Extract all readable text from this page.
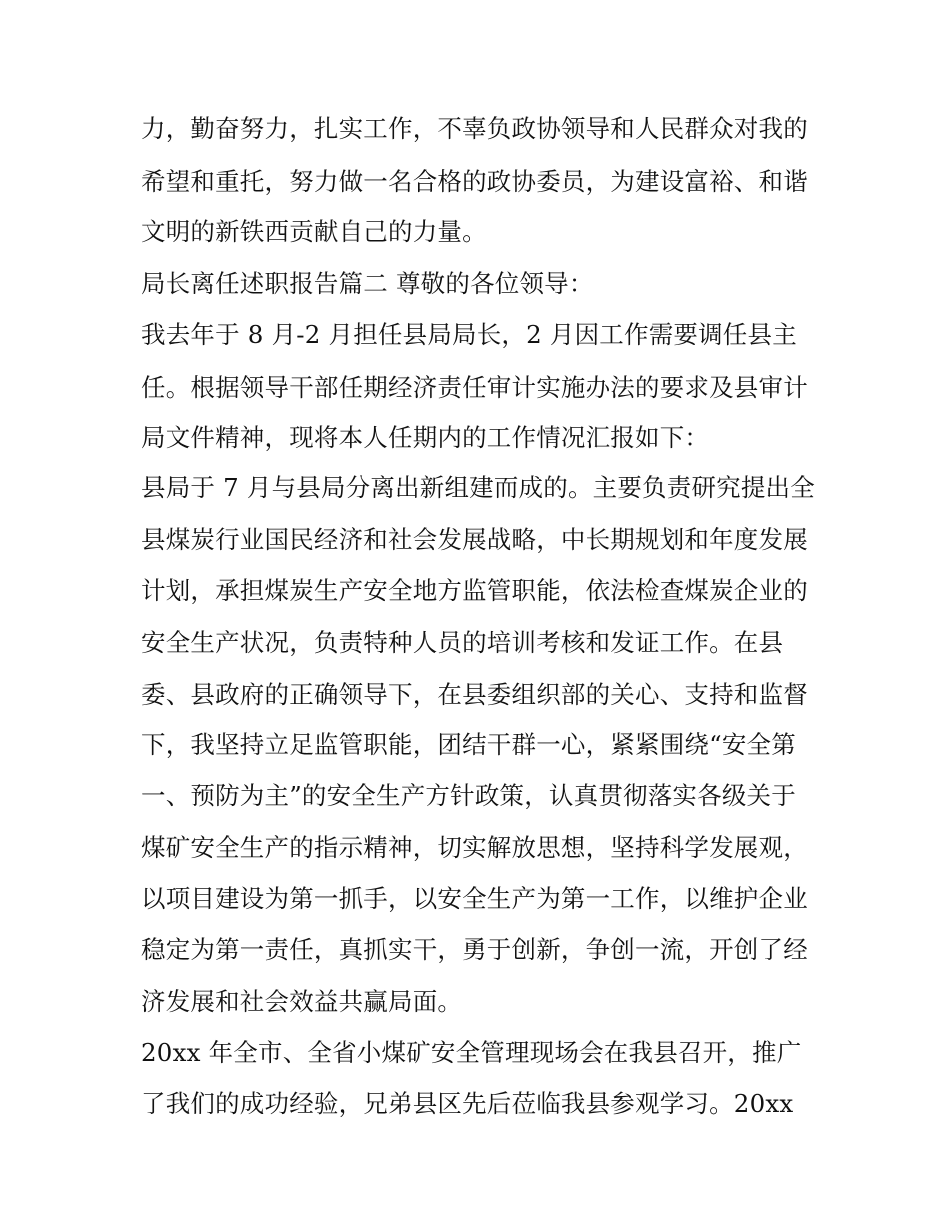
力，勤奋努力，扎实工作，不辜负政协领导和人民群众对我的
希望和重托，努力做一名合格的政协委员，为建设富裕、和谐
文明的新铁西贡献自己的力量。
局长离任述职报告篇二 尊敬的各位领导：
我去年于 8 月-2 月担任县局局长，2 月因工作需要调任县主
任。根据领导干部任期经济责任审计实施办法的要求及县审计
局文件精神，现将本人任期内的工作情况汇报如下：
县局于 7 月与县局分离出新组建而成的。主要负责研究提出全
县煤炭行业国民经济和社会发展战略，中长期规划和年度发展
计划，承担煤炭生产安全地方监管职能，依法检查煤炭企业的
安全生产状况，负责特种人员的培训考核和发证工作。在县
委、县政府的正确领导下，在县委组织部的关心、支持和监督
下，我坚持立足监管职能，团结干群一心，紧紧围绕“安全第
一、预防为主”的安全生产方针政策，认真贯彻落实各级关于
煤矿安全生产的指示精神，切实解放思想，坚持科学发展观，
以项目建设为第一抓手，以安全生产为第一工作，以维护企业
稳定为第一责任，真抓实干，勇于创新，争创一流，开创了经
济发展和社会效益共赢局面。
20xx 年全市、全省小煤矿安全管理现场会在我县召开，推广
了我们的成功经验，兄弟县区先后莅临我县参观学习。20xx
